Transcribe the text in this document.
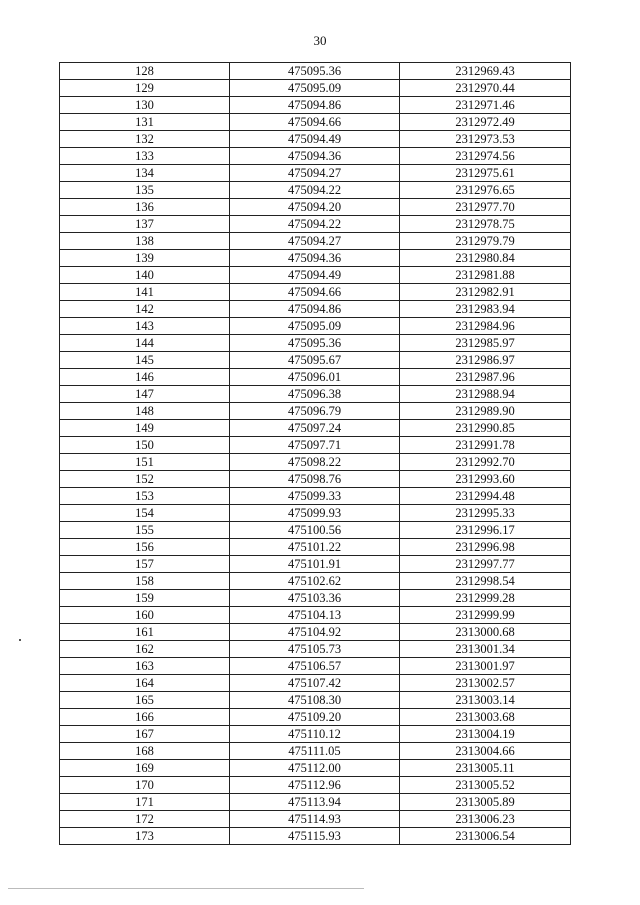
30
128	475095.36	2312969.43
129	475095.09	2312970.44
130	475094.86	2312971.46
131	475094.66	2312972.49
132	475094.49	2312973.53
133	475094.36	2312974.56
134	475094.27	2312975.61
135	475094.22	2312976.65
136	475094.20	2312977.70
137	475094.22	2312978.75
138	475094.27	2312979.79
139	475094.36	2312980.84
140	475094.49	2312981.88
141	475094.66	2312982.91
142	475094.86	2312983.94
143	475095.09	2312984.96
144	475095.36	2312985.97
145	475095.67	2312986.97
146	475096.01	2312987.96
147	475096.38	2312988.94
148	475096.79	2312989.90
149	475097.24	2312990.85
150	475097.71	2312991.78
151	475098.22	2312992.70
152	475098.76	2312993.60
153	475099.33	2312994.48
154	475099.93	2312995.33
155	475100.56	2312996.17
156	475101.22	2312996.98
157	475101.91	2312997.77
158	475102.62	2312998.54
159	475103.36	2312999.28
160	475104.13	2312999.99
161	475104.92	2313000.68
162	475105.73	2313001.34
163	475106.57	2313001.97
164	475107.42	2313002.57
165	475108.30	2313003.14
166	475109.20	2313003.68
167	475110.12	2313004.19
168	475111.05	2313004.66
169	475112.00	2313005.11
170	475112.96	2313005.52
171	475113.94	2313005.89
172	475114.93	2313006.23
173	475115.93	2313006.54
